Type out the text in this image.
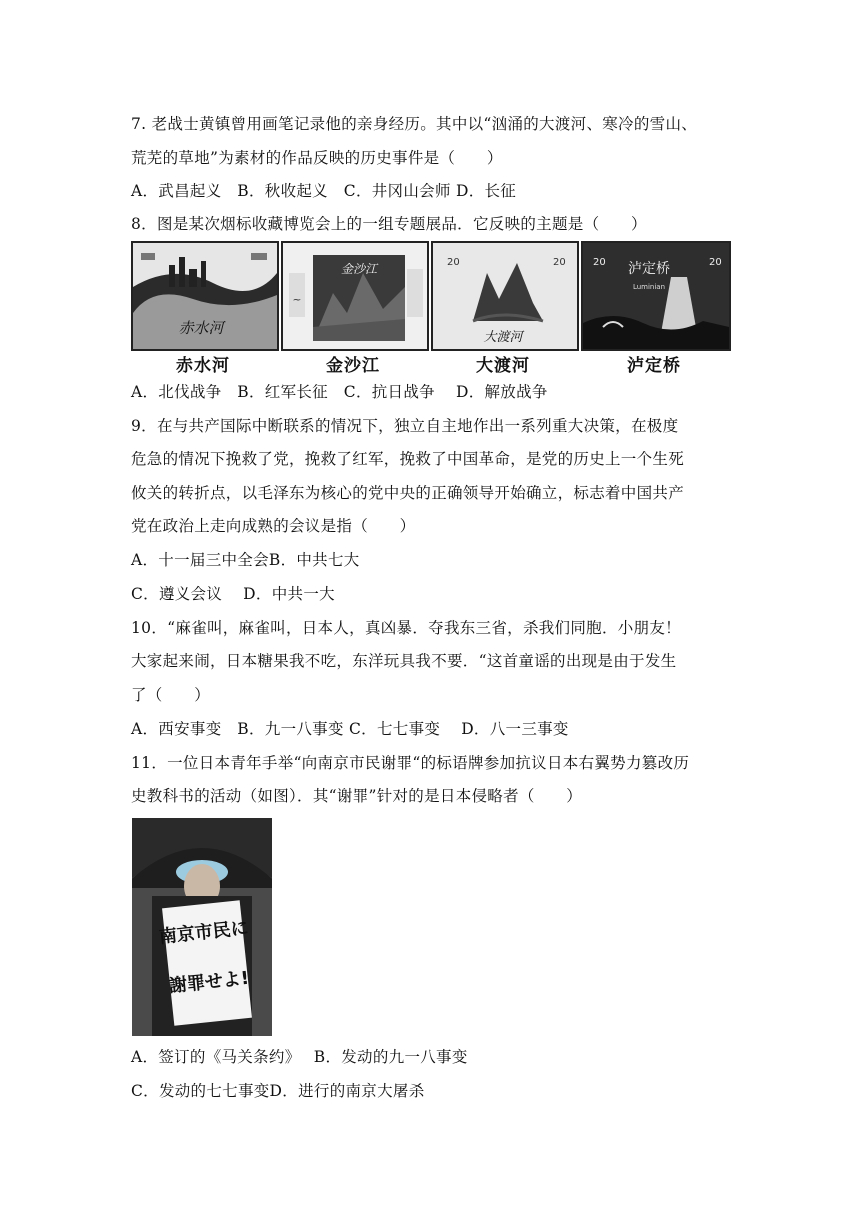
7. 老战士黄镇曾用画笔记录他的亲身经历。其中以“汹涌的大渡河、寒冷的雪山、
荒芜的草地”为素材的作品反映的历史事件是（　　）
A．武昌起义　B．秋收起义　C．井冈山会师 D．长征
8．图是某次烟标收藏博览会上的一组专题展品．它反映的主题是（　　）
赤水河
~
金沙江	20	20
大渡河
20	20
泸定桥
Luminian
赤水河	金沙江	大渡河	泸定桥
A．北伐战争　B．红军长征　C．抗日战争　 D．解放战争
9．在与共产国际中断联系的情况下，独立自主地作出一系列重大决策，在极度
危急的情况下挽救了党，挽救了红军，挽救了中国革命，是党的历史上一个生死
攸关的转折点，以毛泽东为核心的党中央的正确领导开始确立，标志着中国共产
党在政治上走向成熟的会议是指（　　）
A．十一届三中全会B．中共七大
C．遵义会议　 D．中共一大
10．“麻雀叫，麻雀叫，日本人，真凶暴．夺我东三省，杀我们同胞．小朋友！
大家起来闹，日本糖果我不吃，东洋玩具我不要．“这首童谣的出现是由于发生
了（　　）
A．西安事变　B．九一八事变 C．七七事变　 D．八一三事变
11．一位日本青年手举“向南京市民谢罪“的标语牌参加抗议日本右翼势力篡改历
史教科书的活动（如图）．其“谢罪”针对的是日本侵略者（　　）
南京市民に
謝罪せよ!
A．签订的《马关条约》　 B．发动的九一八事变
C．发动的七七事变D．进行的南京大屠杀
